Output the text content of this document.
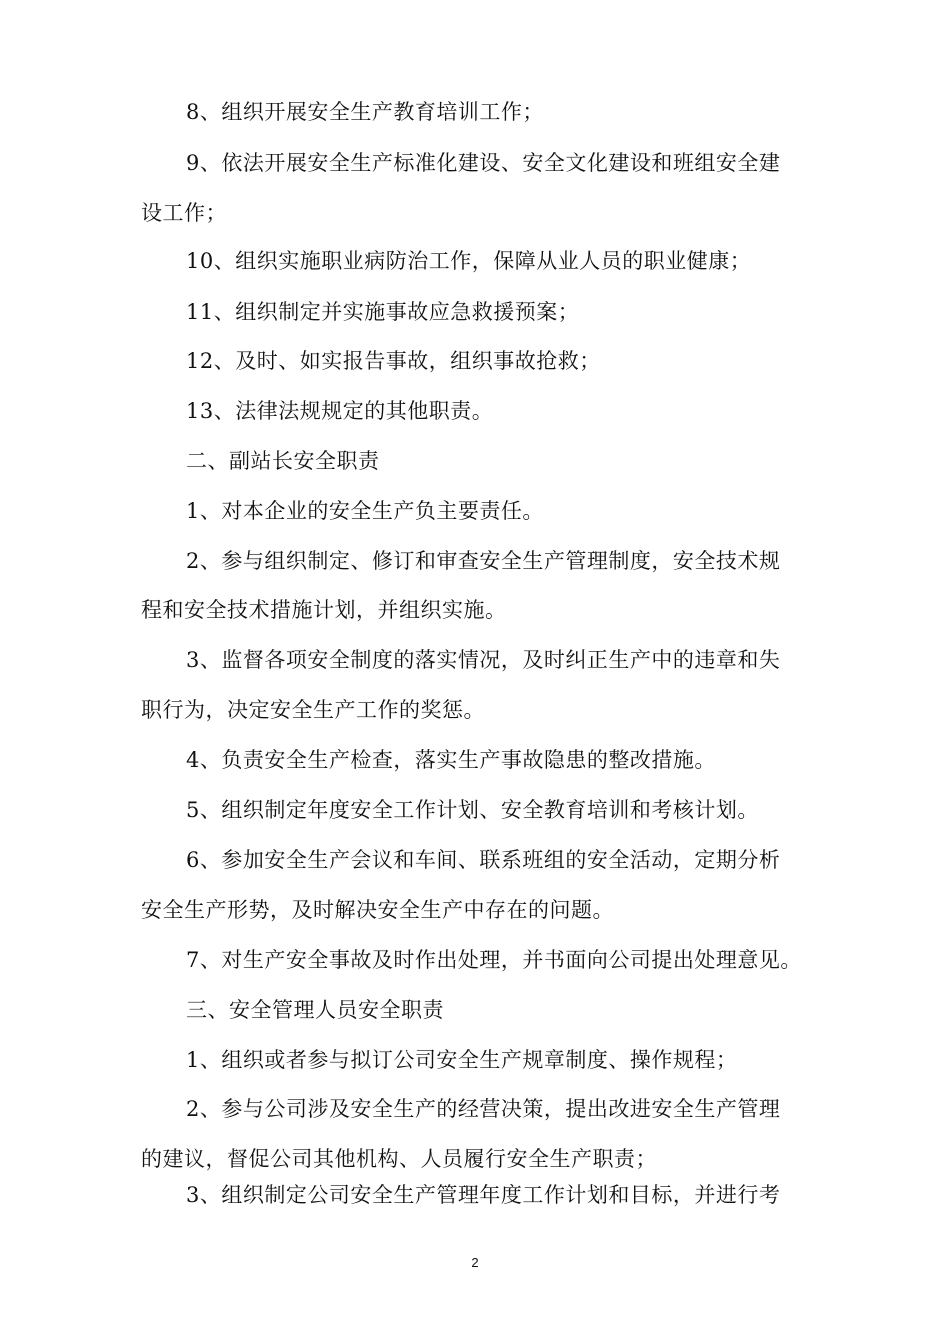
8、组织开展安全生产教育培训工作；
9、依法开展安全生产标准化建设、安全文化建设和班组安全建
设工作；
10、组织实施职业病防治工作，保障从业人员的职业健康；
11、组织制定并实施事故应急救援预案；
12、及时、如实报告事故，组织事故抢救；
13、法律法规规定的其他职责。
二、副站长安全职责
1、对本企业的安全生产负主要责任。
2、参与组织制定、修订和审查安全生产管理制度，安全技术规
程和安全技术措施计划，并组织实施。
3、监督各项安全制度的落实情况，及时纠正生产中的违章和失
职行为，决定安全生产工作的奖惩。
4、负责安全生产检查，落实生产事故隐患的整改措施。
5、组织制定年度安全工作计划、安全教育培训和考核计划。
6、参加安全生产会议和车间、联系班组的安全活动，定期分析
安全生产形势，及时解决安全生产中存在的问题。
7、对生产安全事故及时作出处理，并书面向公司提出处理意见。
三、安全管理人员安全职责
1、组织或者参与拟订公司安全生产规章制度、操作规程；
2、参与公司涉及安全生产的经营决策，提出改进安全生产管理
的建议，督促公司其他机构、人员履行安全生产职责；
3、组织制定公司安全生产管理年度工作计划和目标，并进行考
2
